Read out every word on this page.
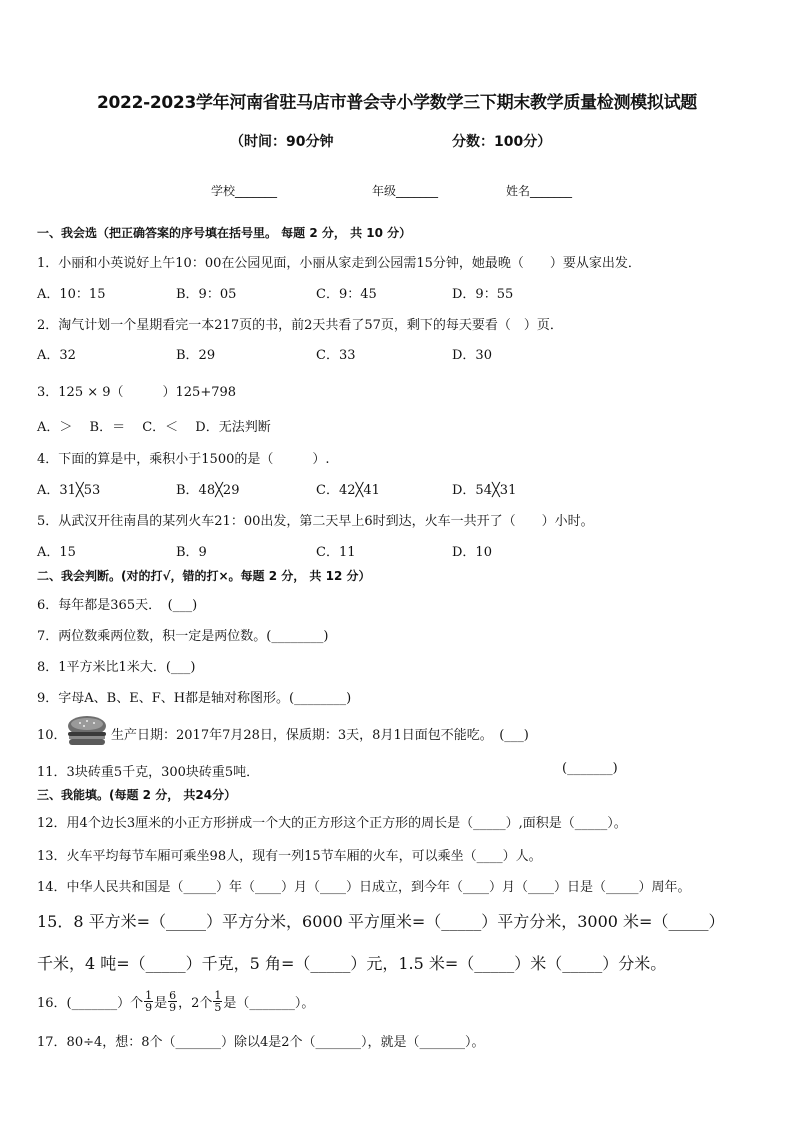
2022-2023学年河南省驻马店市普会寺小学数学三下期末教学质量检测模拟试题
（时间：90分钟	分数：100分）
学校_______	年级_______	姓名_______
一、我会选（把正确答案的序号填在括号里。 每题 2 分， 共 10 分）
1．小丽和小英说好上午10：00在公园见面，小丽从家走到公园需15分钟，她最晚（　　）要从家出发．
A．10：15	B．9：05	C．9：45	D．9：55
2．淘气计划一个星期看完一本217页的书，前2天共看了57页，剩下的每天要看（　）页．
A．32	B．29	C．33	D．30
3．125 × 9（　　　）125+798
A．＞　 B．＝　 C．＜　 D．无法判断
4．下面的算是中，乘积小于1500的是（　　　）.
A．31╳53	B．48╳29	C．42╳41	D．54╳31
5．从武汉开往南昌的某列火车21：00出发，第二天早上6时到达，火车一共开了（　　）小时。
A．15	B．9	C．11	D．10
二、我会判断。(对的打√，错的打×。每题 2 分， 共 12 分）
6．每年都是365天．　(___)
7．两位数乘两位数，积一定是两位数。(________)
8．1平方米比1米大．(___)
9．字母A、B、E、F、H都是轴对称图形。(________)
10．	生产日期：2017年7月28日，保质期：3天，8月1日面包不能吃。　(___)
11．3块砖重5千克，300块砖重5吨．	(_______)
三、我能填。(每题 2 分， 共24分）
12．用4个边长3厘米的小正方形拼成一个大的正方形这个正方形的周长是（_____）,面积是（_____）。
13．火车平均每节车厢可乘坐98人，现有一列15节车厢的火车，可以乘坐（____）人。
14．中华人民共和国是（_____）年（____）月（____）日成立，到今年（____）月（____）日是（_____）周年。
15．8 平方米=（_____）平方分米，6000 平方厘米=（_____）平方分米，3000 米=（_____）
千米，4 吨=（_____）千克，5 角=（_____）元，1.5 米=（_____）米（_____）分米。
16．(_______）个 $\frac{1}{9}$ 是 $\frac{6}{9}$ ，2个 $\frac{1}{5}$ 是（_______）。
17．80÷4，想：8个（_______）除以4是2个（_______），就是（_______）。
